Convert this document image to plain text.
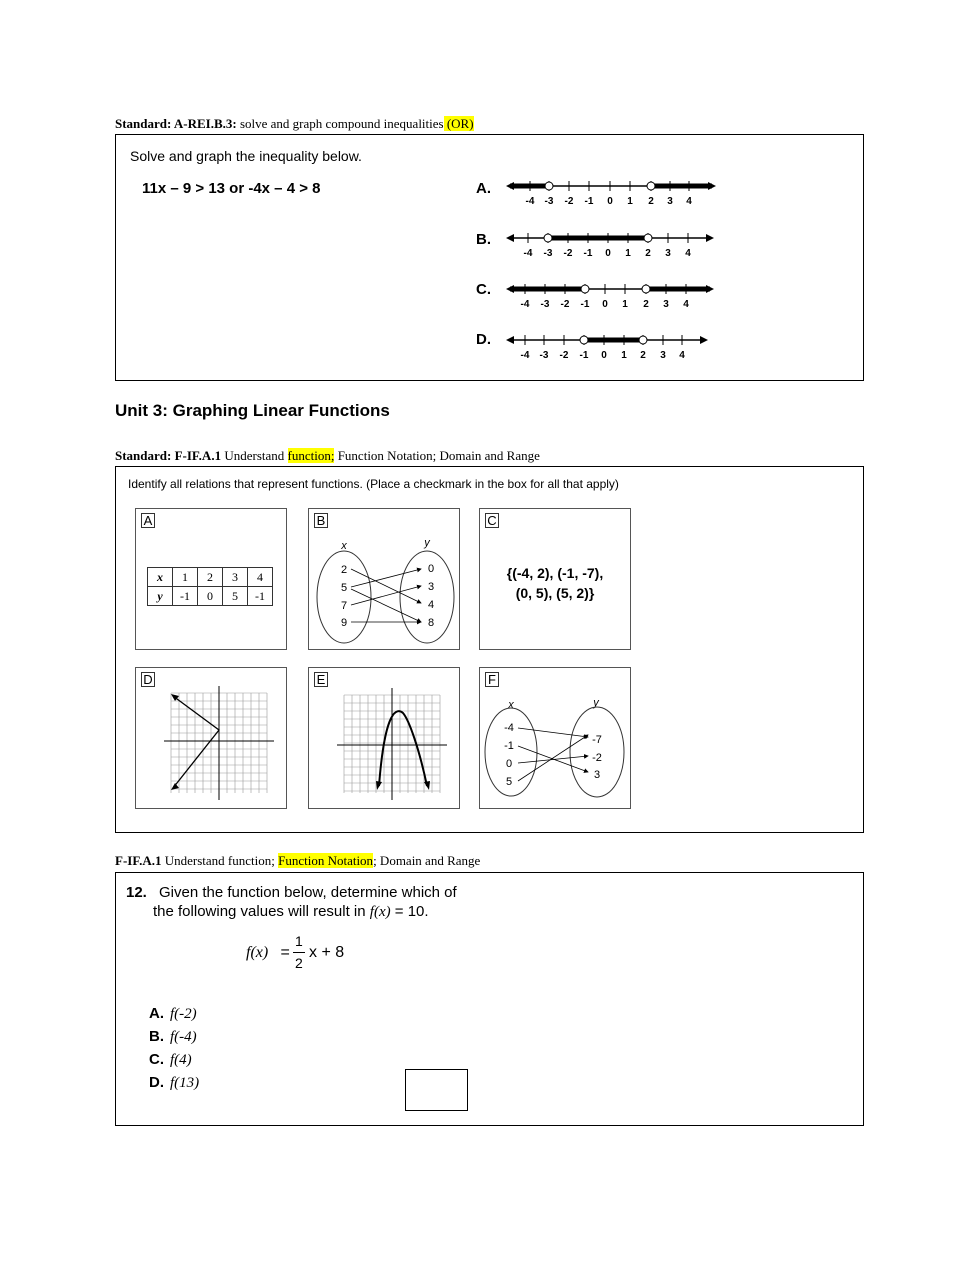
Standard: A-REI.B.3: solve and graph compound inequalities (OR)
Solve and graph the inequality below.
11x – 9 > 13 or -4x – 4 > 8	A.
-4 -3 -2 -1 0 1 2 3 4
B.
-4 -3 -2 -1 0 1 2 3 4
C.
-4 -3 -2 -1 0 1 2 3 4
D.
-4 -3 -2 -1 0 1 2 3 4
Unit 3: Graphing Linear Functions
Standard: F-IF.A.1 Understand function; Function Notation; Domain and Range
Identify all relations that represent functions. (Place a checkmark in the box for all that apply)
A
x	1	2	3	4
y	-1	0	5	-1
B
x	y
2
5
7
9
0
3
4
8
C
{(-4, 2), (-1, -7),
(0, 5), (5, 2)}
D	E	F
x	y
-4
-1
0
5
-7
-2
3
F-IF.A.1 Understand function; Function Notation; Domain and Range
12. Given the function below, determine which of
the following values will result in f(x) = 10.
f(x) =
1
2
x + 8
A. f(-2)
B. f(-4)
C. f(4)
D. f(13)
